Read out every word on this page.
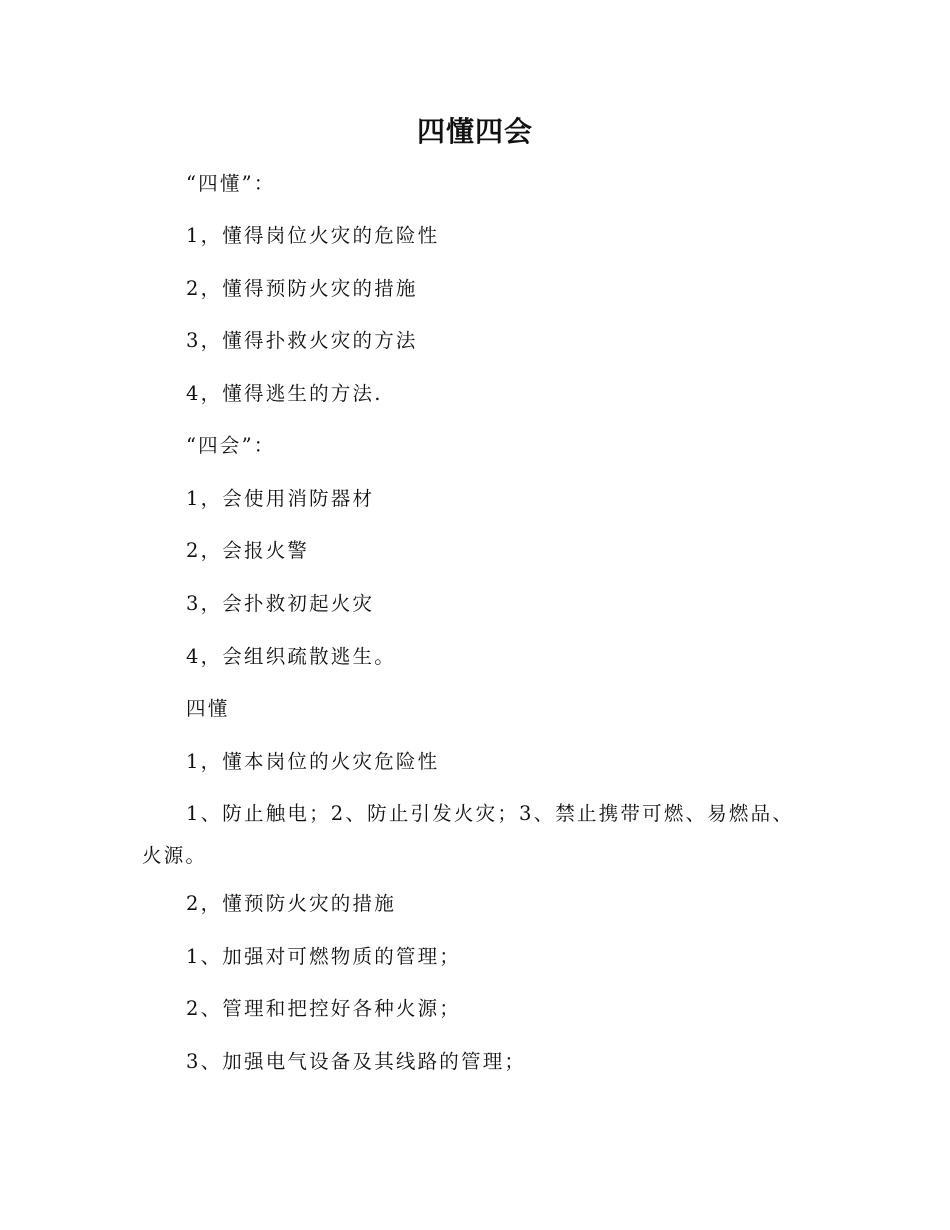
四懂四会
“四懂”：
1，懂得岗位火灾的危险性
2，懂得预防火灾的措施
3，懂得扑救火灾的方法
4，懂得逃生的方法.
“四会”：
1，会使用消防器材
2，会报火警
3，会扑救初起火灾
4，会组织疏散逃生。
四懂
1，懂本岗位的火灾危险性
1、防止触电；2、防止引发火灾；3、禁止携带可燃、易燃品、火源。
2，懂预防火灾的措施
1、加强对可燃物质的管理；
2、管理和把控好各种火源；
3、加强电气设备及其线路的管理；
